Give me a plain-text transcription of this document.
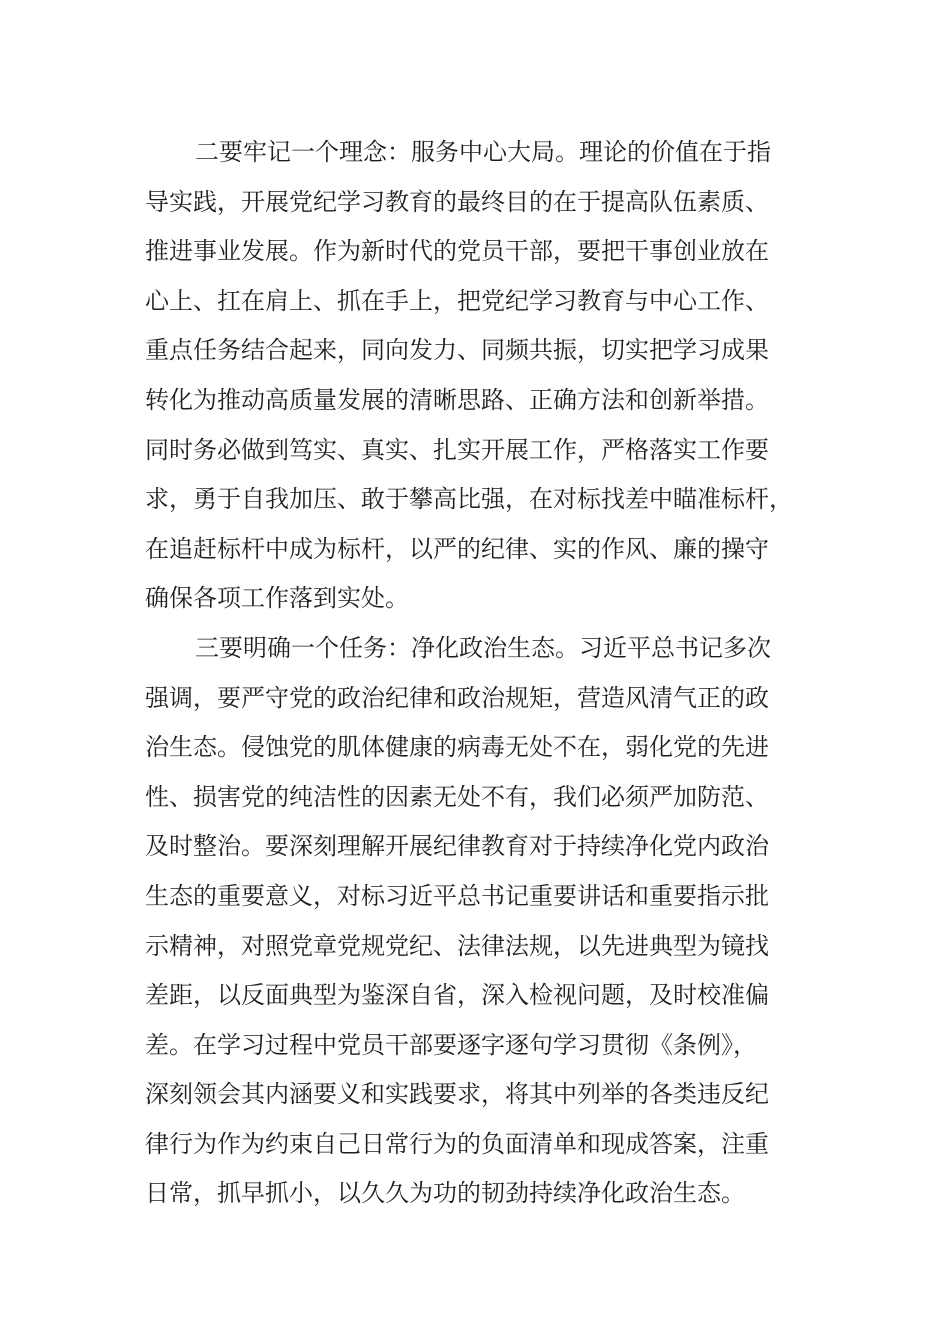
二要牢记一个理念：服务中心大局。理论的价值在于指
导实践，开展党纪学习教育的最终目的在于提高队伍素质、
推进事业发展。作为新时代的党员干部，要把干事创业放在
心上、扛在肩上、抓在手上，把党纪学习教育与中心工作、
重点任务结合起来，同向发力、同频共振，切实把学习成果
转化为推动高质量发展的清晰思路、正确方法和创新举措。
同时务必做到笃实、真实、扎实开展工作，严格落实工作要
求，勇于自我加压、敢于攀高比强，在对标找差中瞄准标杆，
在追赶标杆中成为标杆，以严的纪律、实的作风、廉的操守
确保各项工作落到实处。
三要明确一个任务：净化政治生态。习近平总书记多次
强调，要严守党的政治纪律和政治规矩，营造风清气正的政
治生态。侵蚀党的肌体健康的病毒无处不在，弱化党的先进
性、损害党的纯洁性的因素无处不有，我们必须严加防范、
及时整治。要深刻理解开展纪律教育对于持续净化党内政治
生态的重要意义，对标习近平总书记重要讲话和重要指示批
示精神，对照党章党规党纪、法律法规，以先进典型为镜找
差距，以反面典型为鉴深自省，深入检视问题，及时校准偏
差。在学习过程中党员干部要逐字逐句学习贯彻《条例》，
深刻领会其内涵要义和实践要求，将其中列举的各类违反纪
律行为作为约束自己日常行为的负面清单和现成答案，注重
日常，抓早抓小，以久久为功的韧劲持续净化政治生态。
